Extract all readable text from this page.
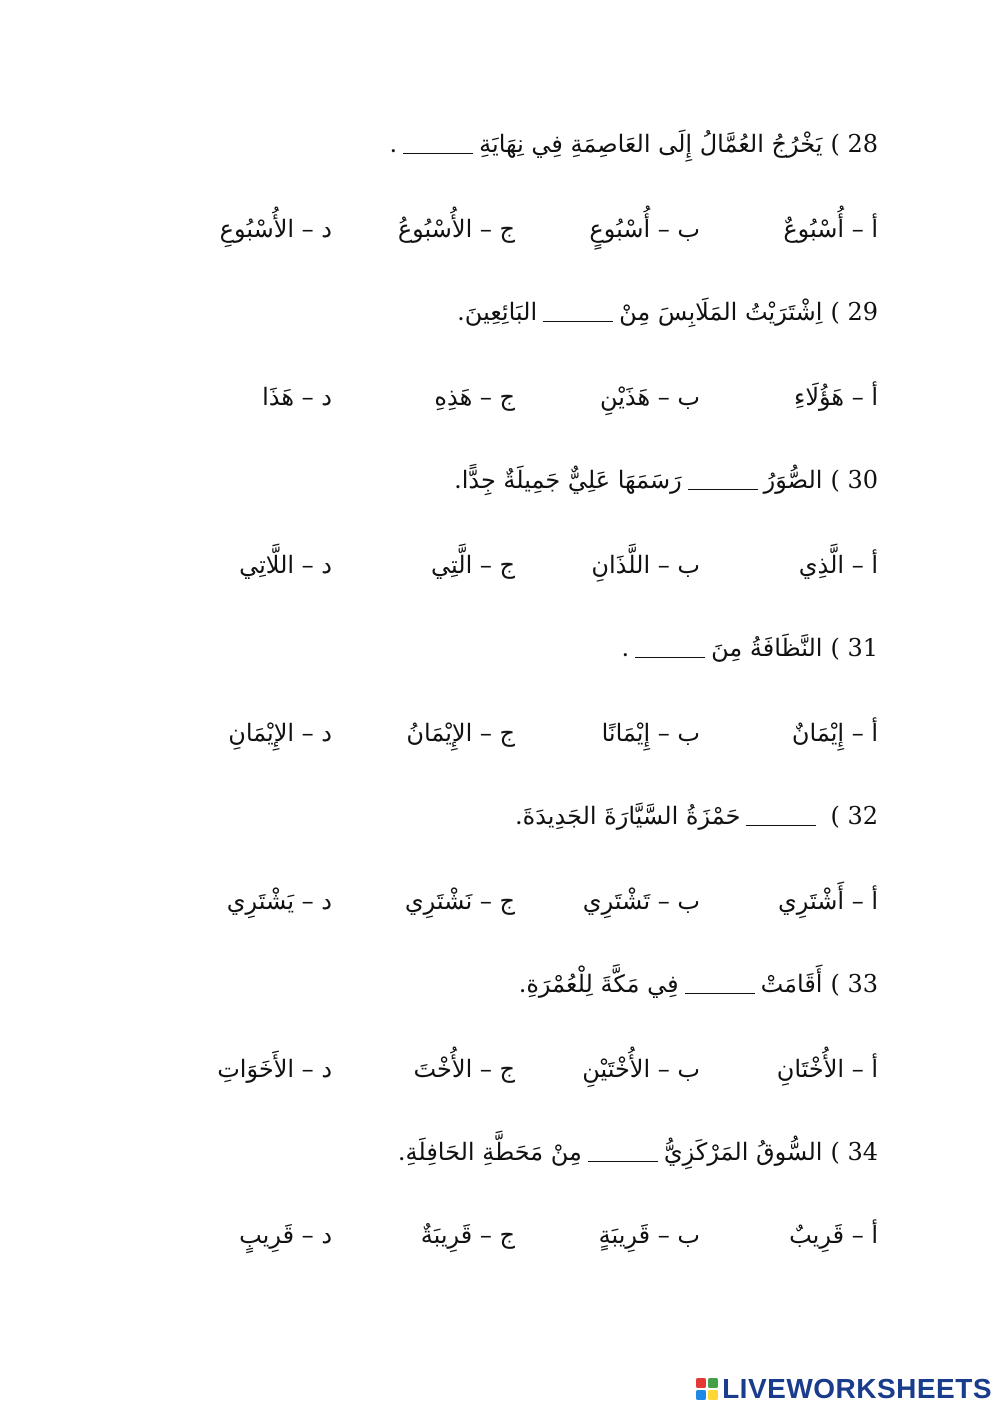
28 )يَخْرُجُ العُمَّالُ إِلَى العَاصِمَةِ فِي نِهَايَةِ.
أ – أُسْبُوعٌ
ب – أُسْبُوعٍ
ج – الأُسْبُوعُ
د – الأُسْبُوعِ
29 )اِشْتَرَيْتُ المَلَابِسَ مِنْالبَائِعِينَ.
أ – هَؤُلَاءِ
ب – هَذَيْنِ
ج – هَذِهِ
د – هَذَا
30 )الصُّوَرُرَسَمَهَا عَلِيٌّ جَمِيلَةٌ جِدًّا.
أ – الَّذِي
ب – اللَّذَانِ
ج – الَّتِي
د – اللَّاتِي
31 )النَّظَافَةُ مِنَ.
أ – إِيْمَانٌ
ب – إِيْمَانًا
ج – الإِيْمَانُ
د – الإِيْمَانِ
32 )حَمْزَةُ السَّيَّارَةَ الجَدِيدَةَ.
أ – أَشْتَرِي
ب – تَشْتَرِي
ج – نَشْتَرِي
د – يَشْتَرِي
33 )أَقَامَتْفِي مَكَّةَ لِلْعُمْرَةِ.
أ – الأُخْتَانِ
ب – الأُخْتَيْنِ
ج – الأُخْتَ
د – الأَخَوَاتِ
34 )السُّوقُ المَرْكَزِيُّمِنْ مَحَطَّةِ الحَافِلَةِ.
أ – قَرِيبٌ
ب – قَرِيبَةٍ
ج – قَرِيبَةٌ
د – قَرِيبٍ
LIVEWORKSHEETS
